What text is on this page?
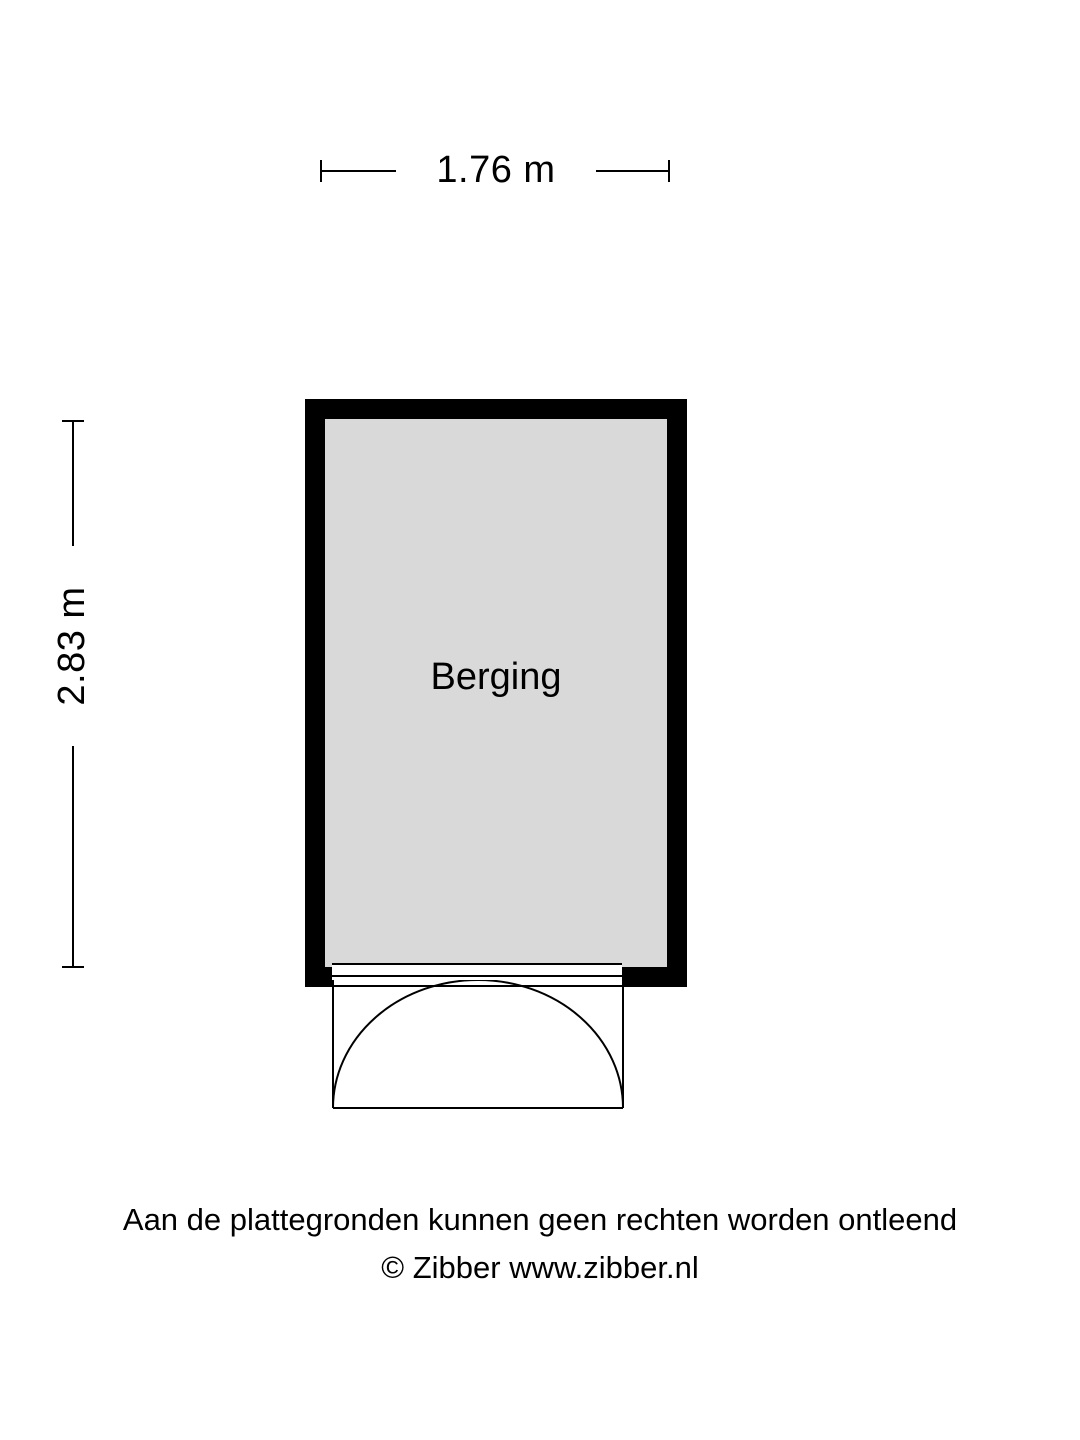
1.76 m
2.83 m	Berging
Aan de plattegronden kunnen geen rechten worden ontleend
© Zibber www.zibber.nl
